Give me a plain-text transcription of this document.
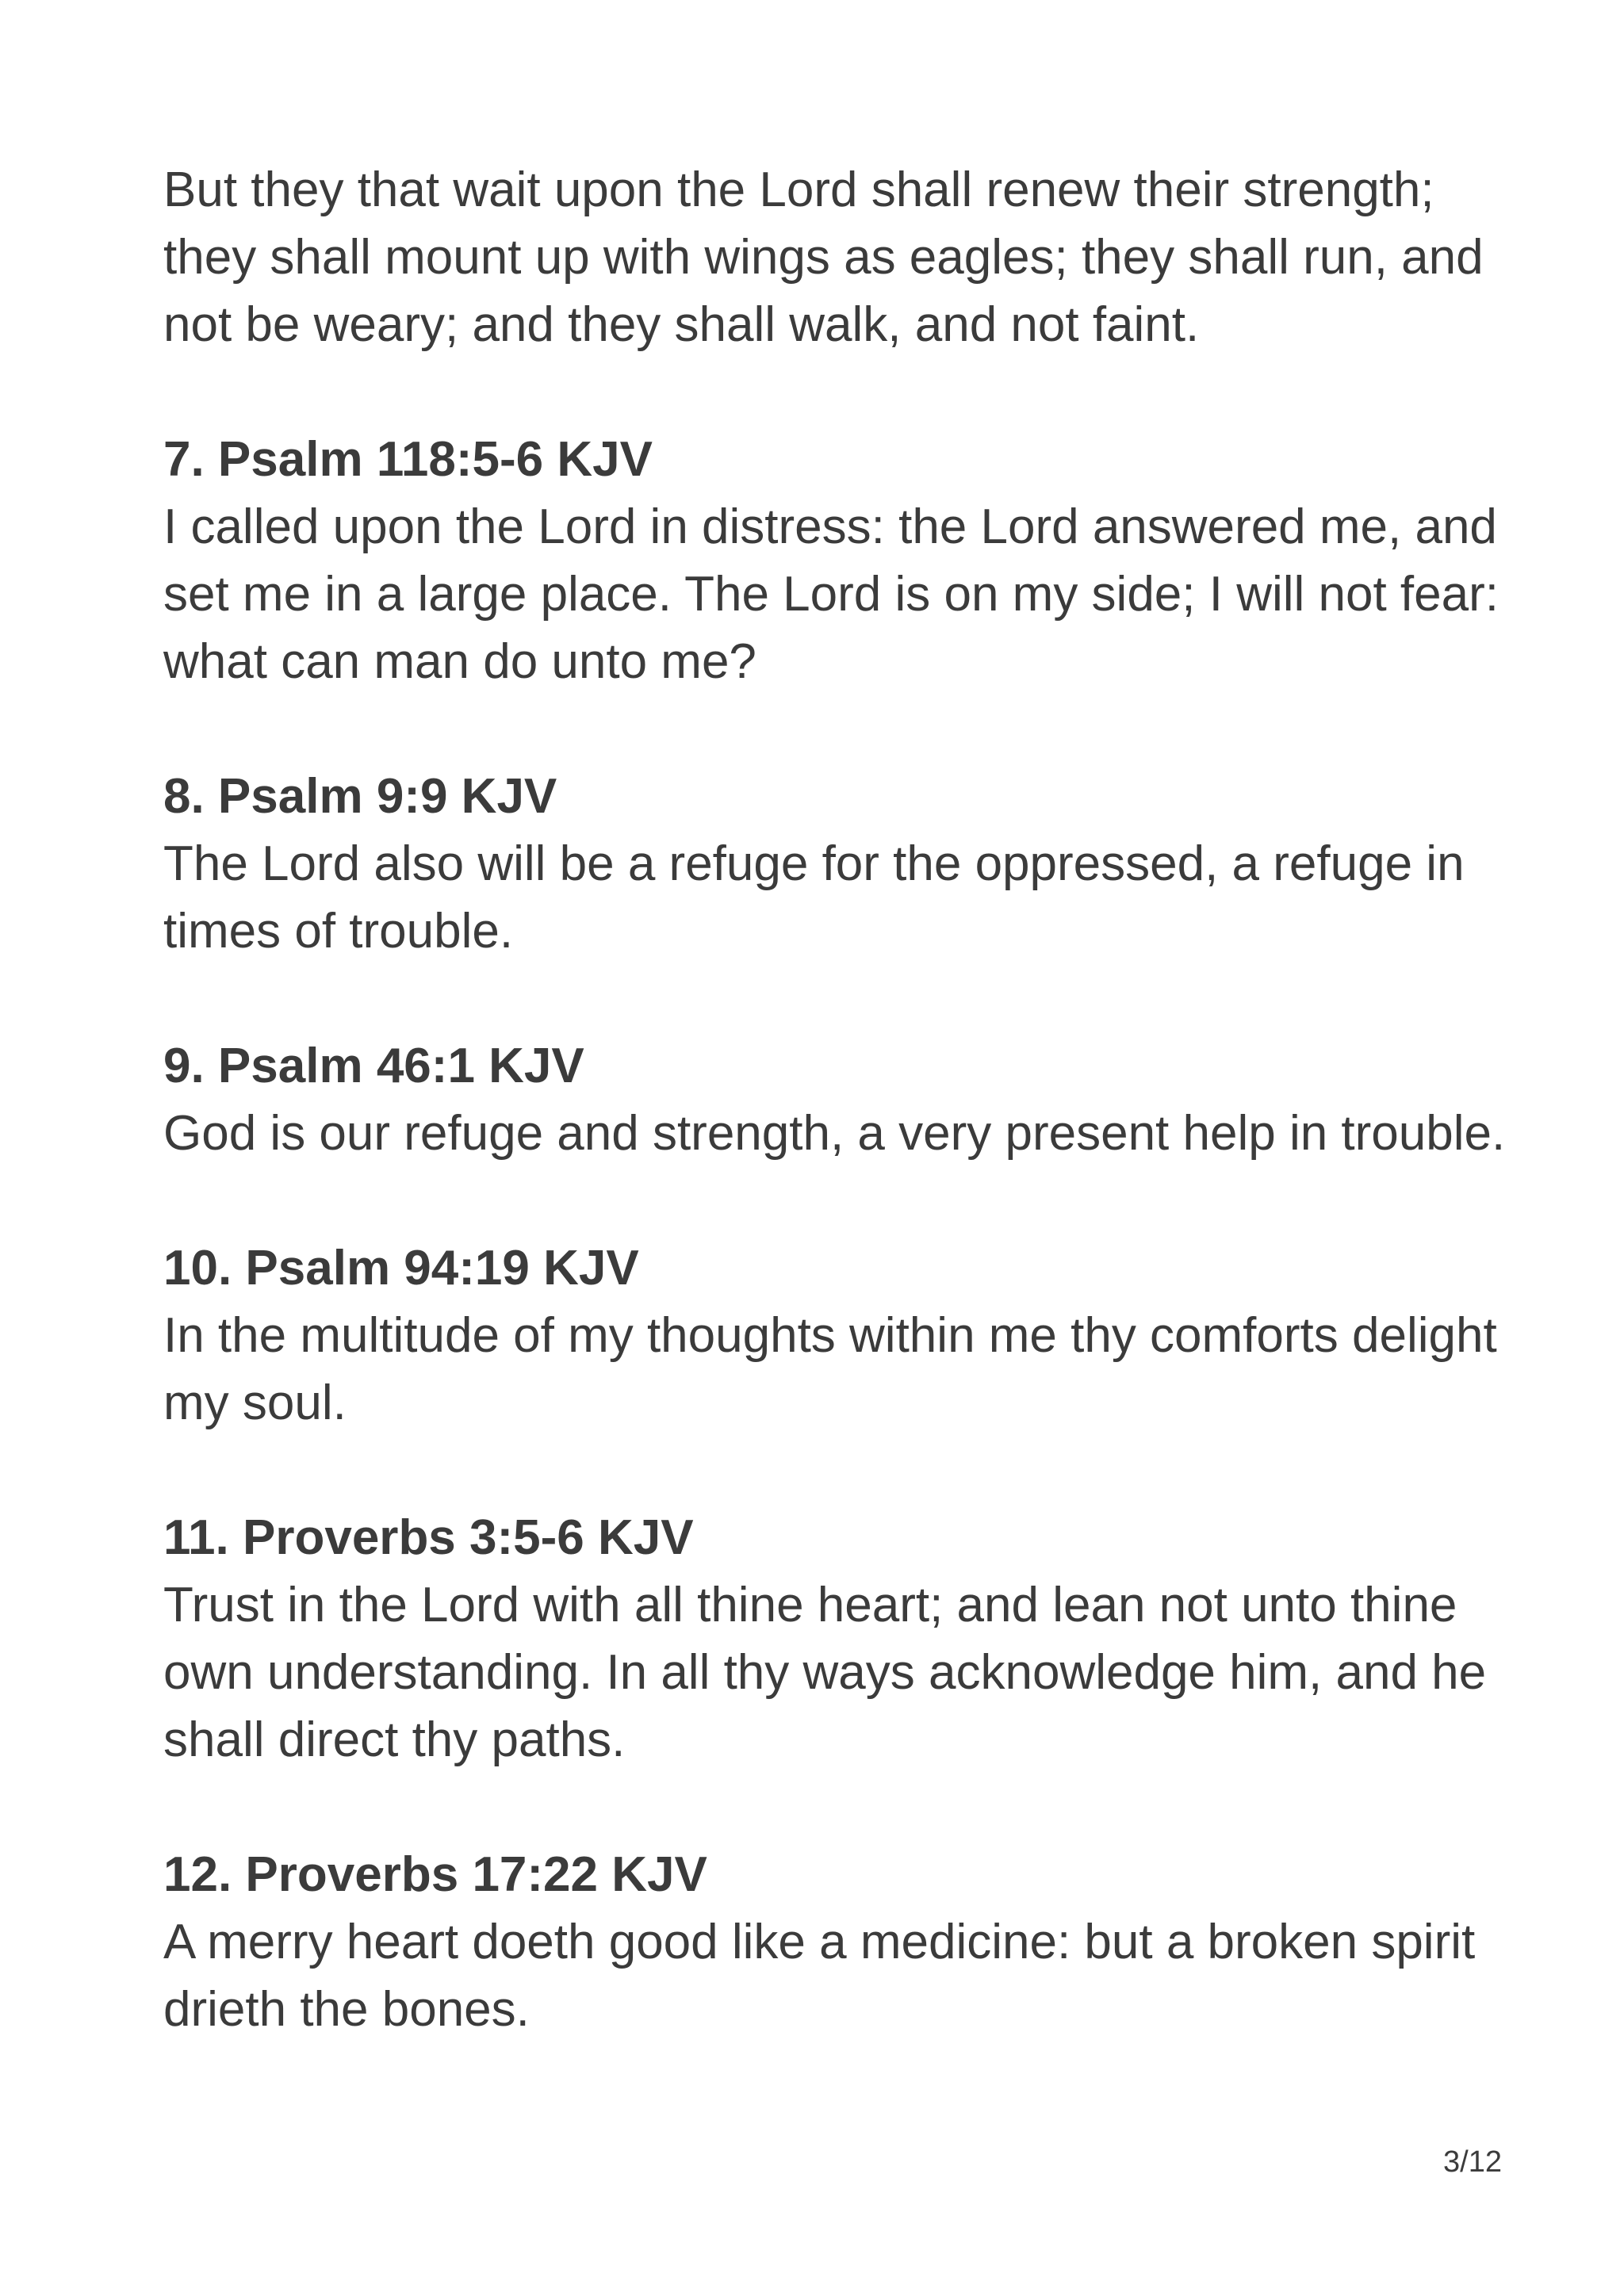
But they that wait upon the Lord shall renew their strength; they shall mount up with wings as eagles; they shall run, and not be weary; and they shall walk, and not faint.

7. Psalm 118:5-6 KJV

I called upon the Lord in distress: the Lord answered me, and set me in a large place. The Lord is on my side; I will not fear: what can man do unto me?

8. Psalm 9:9 KJV

The Lord also will be a refuge for the oppressed, a refuge in times of trouble.

9. Psalm 46:1 KJV

God is our refuge and strength, a very present help in trouble.

10. Psalm 94:19 KJV

In the multitude of my thoughts within me thy comforts delight my soul.

11. Proverbs 3:5-6 KJV

Trust in the Lord with all thine heart; and lean not unto thine own understanding. In all thy ways acknowledge him, and he shall direct thy paths.

12. Proverbs 17:22 KJV

A merry heart doeth good like a medicine: but a broken spirit drieth the bones.

3/12
